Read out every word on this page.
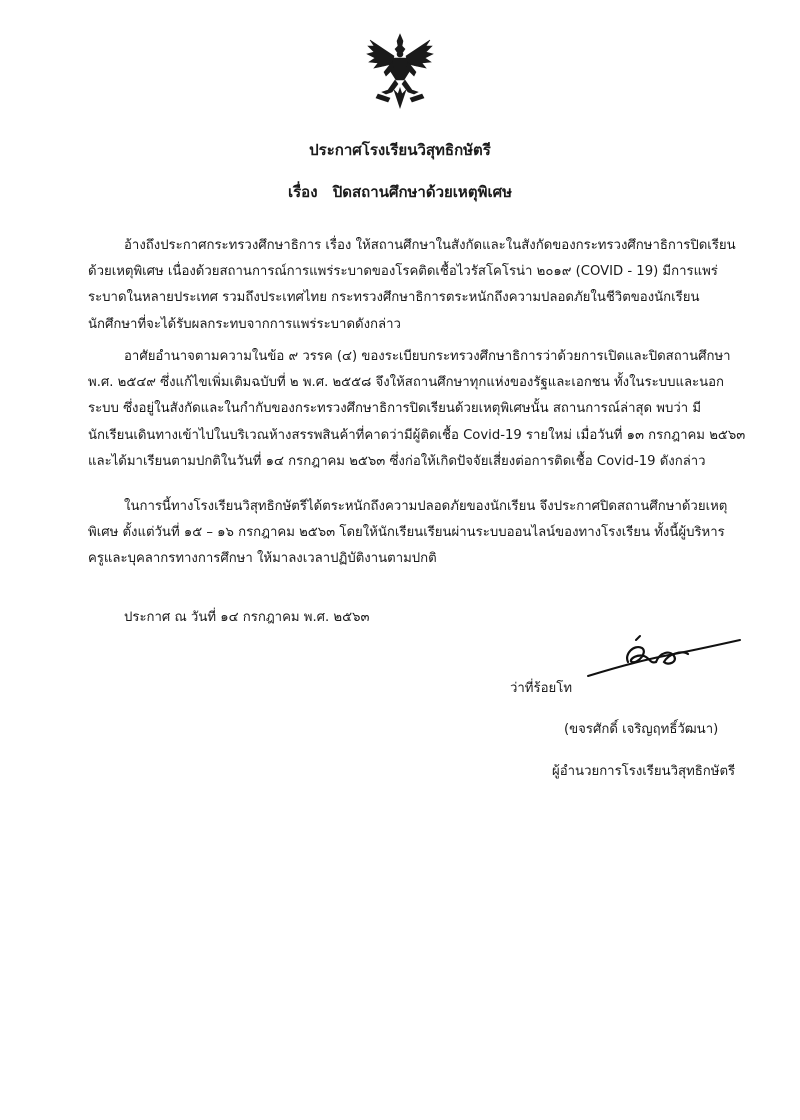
ประกาศโรงเรียนวิสุทธิกษัตรี
เรื่อง ปิดสถานศึกษาด้วยเหตุพิเศษ

อ้างถึงประกาศกระทรวงศึกษาธิการ เรื่อง ให้สถานศึกษาในสังกัดและในสังกัดของกระทรวงศึกษาธิการปิดเรียน
ด้วยเหตุพิเศษ เนื่องด้วยสถานการณ์การแพร่ระบาดของโรคติดเชื้อไวรัสโคโรน่า ๒๐๑๙ (COVID - 19) มีการแพร่
ระบาดในหลายประเทศ รวมถึงประเทศไทย กระทรวงศึกษาธิการตระหนักถึงความปลอดภัยในชีวิตของนักเรียน
นักศึกษาที่จะได้รับผลกระทบจากการแพร่ระบาดดังกล่าว

อาศัยอำนาจตามความในข้อ ๙ วรรค (๔) ของระเบียบกระทรวงศึกษาธิการว่าด้วยการเปิดและปิดสถานศึกษา
พ.ศ. ๒๕๔๙ ซึ่งแก้ไขเพิ่มเติมฉบับที่ ๒ พ.ศ. ๒๕๕๘ จึงให้สถานศึกษาทุกแห่งของรัฐและเอกชน ทั้งในระบบและนอก
ระบบ ซึ่งอยู่ในสังกัดและในกำกับของกระทรวงศึกษาธิการปิดเรียนด้วยเหตุพิเศษนั้น สถานการณ์ล่าสุด พบว่า มี
นักเรียนเดินทางเข้าไปในบริเวณห้างสรรพสินค้าที่คาดว่ามีผู้ติดเชื้อ Covid-19 รายใหม่ เมื่อวันที่ ๑๓ กรกฎาคม ๒๕๖๓
และได้มาเรียนตามปกติในวันที่ ๑๔ กรกฎาคม ๒๕๖๓ ซึ่งก่อให้เกิดปัจจัยเสี่ยงต่อการติดเชื้อ Covid-19 ดังกล่าว

ในการนี้ทางโรงเรียนวิสุทธิกษัตรีได้ตระหนักถึงความปลอดภัยของนักเรียน จึงประกาศปิดสถานศึกษาด้วยเหตุ
พิเศษ ตั้งแต่วันที่ ๑๕ – ๑๖ กรกฎาคม ๒๕๖๓ โดยให้นักเรียนเรียนผ่านระบบออนไลน์ของทางโรงเรียน ทั้งนี้ผู้บริหาร
ครูและบุคลากรทางการศึกษา ให้มาลงเวลาปฏิบัติงานตามปกติ

ประกาศ ณ วันที่ ๑๔ กรกฎาคม พ.ศ. ๒๕๖๓

ว่าที่ร้อยโท
(ขจรศักดิ์ เจริญฤทธิ์วัฒนา)
ผู้อำนวยการโรงเรียนวิสุทธิกษัตรี
